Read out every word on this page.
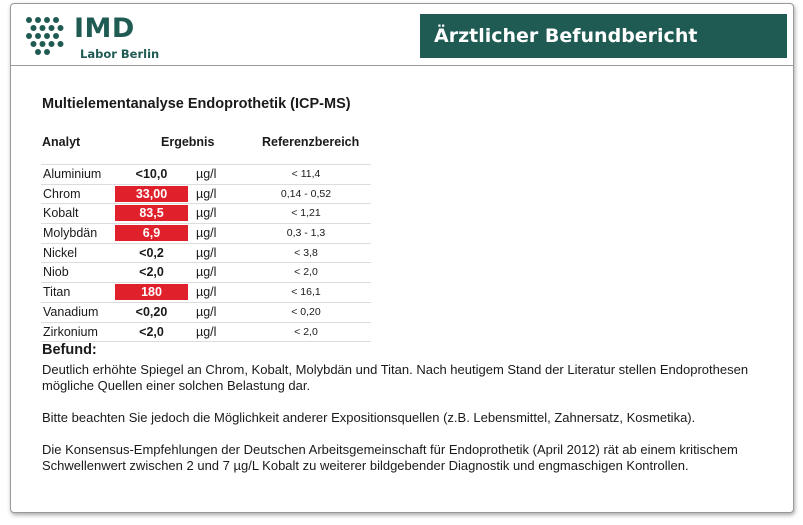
IMD
Labor Berlin
Ärztlicher Befundbericht
Multielementanalyse Endoprothetik (ICP-MS)
Analyt	Ergebnis	Referenzbereich
Aluminium	<10,0	µg/l	< 11,4
Chrom	33,00	µg/l	0,14 - 0,52
Kobalt	83,5	µg/l	< 1,21
Molybdän	6,9	µg/l	0,3 - 1,3
Nickel	<0,2	µg/l	< 3,8
Niob	<2,0	µg/l	< 2,0
Titan	180	µg/l	< 16,1
Vanadium	<0,20	µg/l	< 0,20
Zirkonium	<2,0	µg/l	< 2,0
Befund:
Deutlich erhöhte Spiegel an Chrom, Kobalt, Molybdän und Titan. Nach heutigem Stand der Literatur stellen Endoprothesen mögliche Quellen einer solchen Belastung dar.
Bitte beachten Sie jedoch die Möglichkeit anderer Expositionsquellen (z.B. Lebensmittel, Zahnersatz, Kosmetika).
Die Konsensus-Empfehlungen der Deutschen Arbeitsgemeinschaft für Endoprothetik (April 2012) rät ab einem kritischem Schwellenwert zwischen 2 und 7 µg/L Kobalt zu weiterer bildgebender Diagnostik und engmaschigen Kontrollen.
